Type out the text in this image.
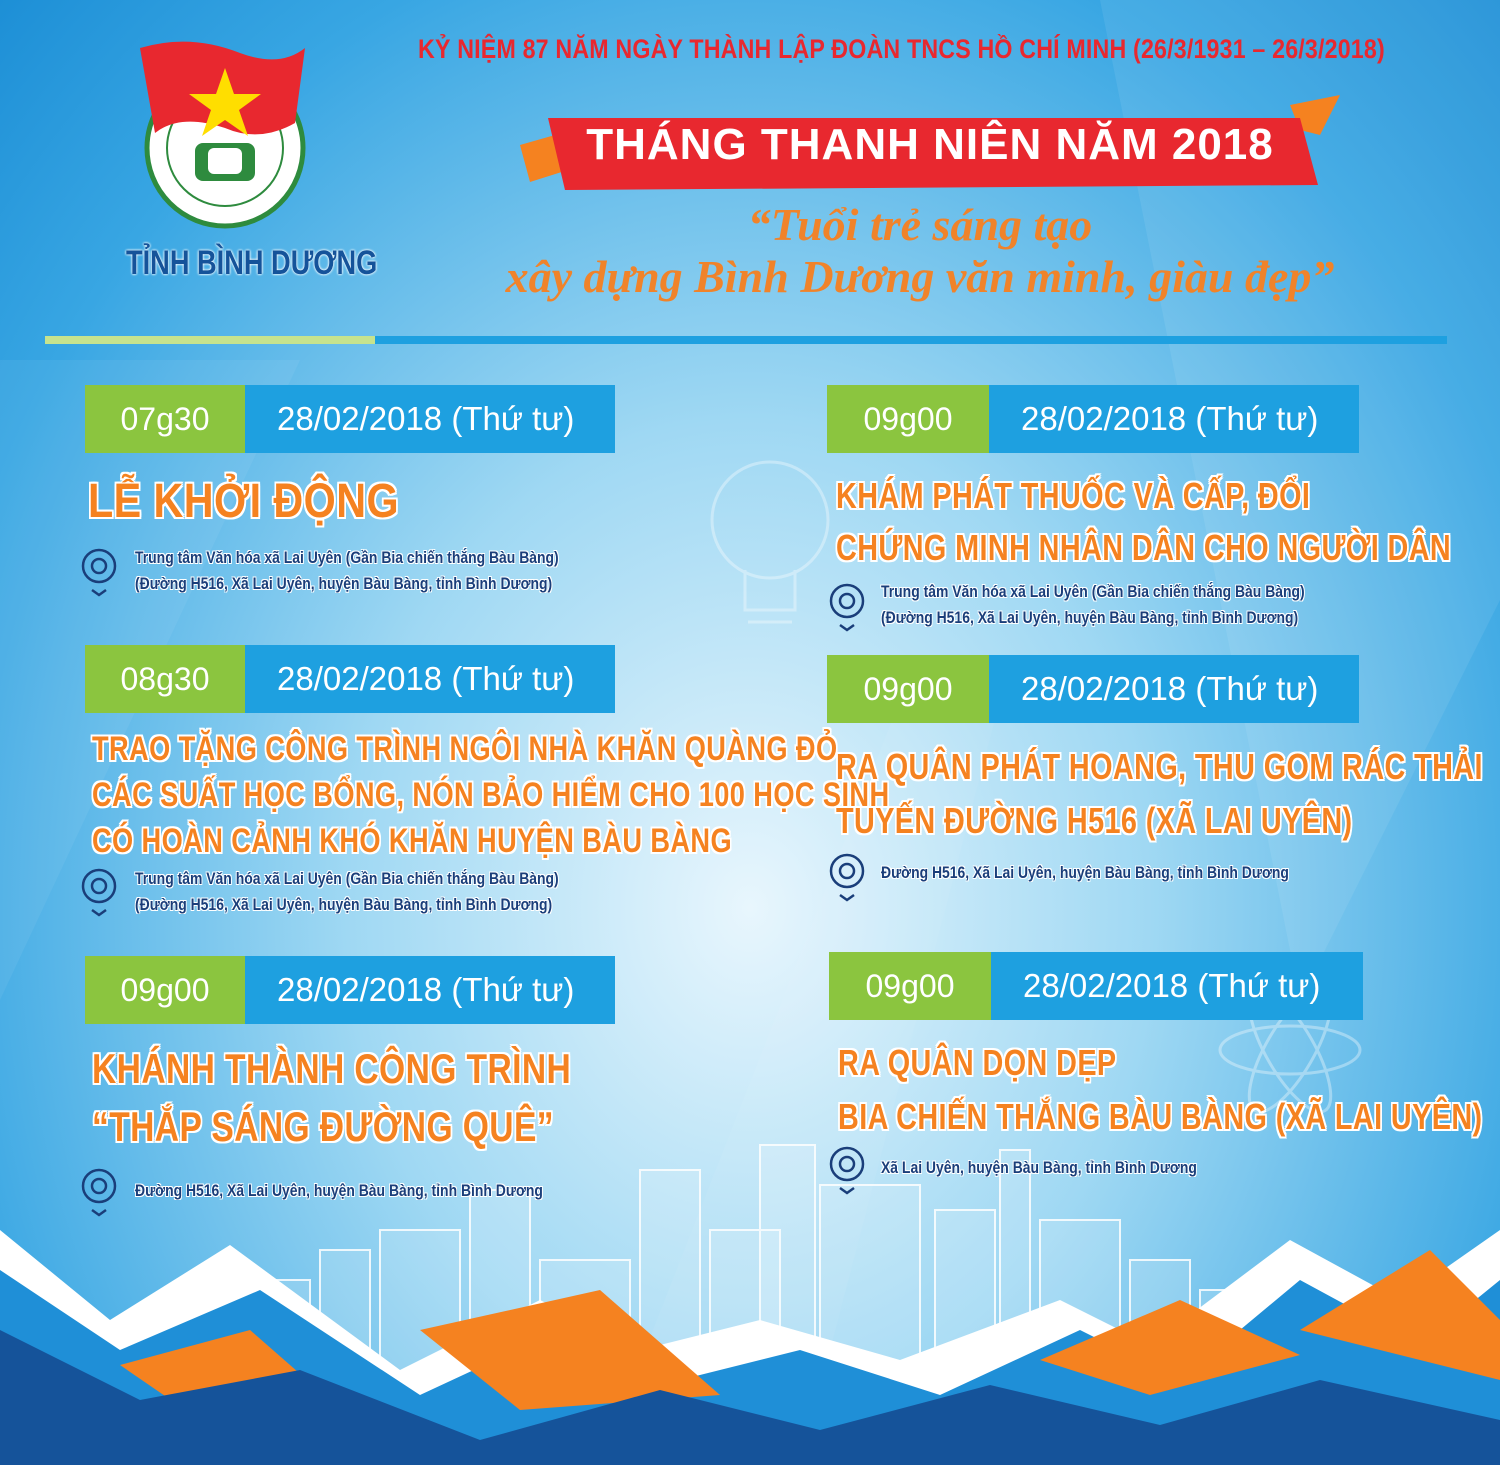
TỈNH BÌNH DƯƠNG
KỶ NIỆM 87 NĂM NGÀY THÀNH LẬP ĐOÀN TNCS HỒ CHÍ MINH (26/3/1931 – 26/3/2018)
THÁNG THANH NIÊN NĂM 2018
“Tuổi trẻ sáng tạo
xây dựng Bình Dương văn minh, giàu đẹp”
07g30	28/02/2018 (Thứ tư)
LỄ KHỞI ĐỘNG
Trung tâm Văn hóa xã Lai Uyên (Gần Bia chiến thắng Bàu Bàng)
(Đường H516, Xã Lai Uyên, huyện Bàu Bàng, tỉnh Bình Dương)
08g30	28/02/2018 (Thứ tư)
TRAO TẶNG CÔNG TRÌNH NGÔI NHÀ KHĂN QUÀNG ĐỎ,
CÁC SUẤT HỌC BỔNG, NÓN BẢO HIỂM CHO 100 HỌC SINH
CÓ HOÀN CẢNH KHÓ KHĂN HUYỆN BÀU BÀNG
Trung tâm Văn hóa xã Lai Uyên (Gần Bia chiến thắng Bàu Bàng)
(Đường H516, Xã Lai Uyên, huyện Bàu Bàng, tỉnh Bình Dương)
09g00	28/02/2018 (Thứ tư)
KHÁNH THÀNH CÔNG TRÌNH
“THẮP SÁNG ĐƯỜNG QUÊ”
Đường H516, Xã Lai Uyên, huyện Bàu Bàng, tỉnh Bình Dương
09g00	28/02/2018 (Thứ tư)
KHÁM PHÁT THUỐC VÀ CẤP, ĐỔI
CHỨNG MINH NHÂN DÂN CHO NGƯỜI DÂN
Trung tâm Văn hóa xã Lai Uyên (Gần Bia chiến thắng Bàu Bàng)
(Đường H516, Xã Lai Uyên, huyện Bàu Bàng, tỉnh Bình Dương)
09g00	28/02/2018 (Thứ tư)
RA QUÂN PHÁT HOANG, THU GOM RÁC THẢI
TUYẾN ĐƯỜNG H516 (XÃ LAI UYÊN)
Đường H516, Xã Lai Uyên, huyện Bàu Bàng, tỉnh Bình Dương
09g00	28/02/2018 (Thứ tư)
RA QUÂN DỌN DẸP
BIA CHIẾN THẮNG BÀU BÀNG (XÃ LAI UYÊN)
Xã Lai Uyên, huyện Bàu Bàng, tỉnh Bình Dương
